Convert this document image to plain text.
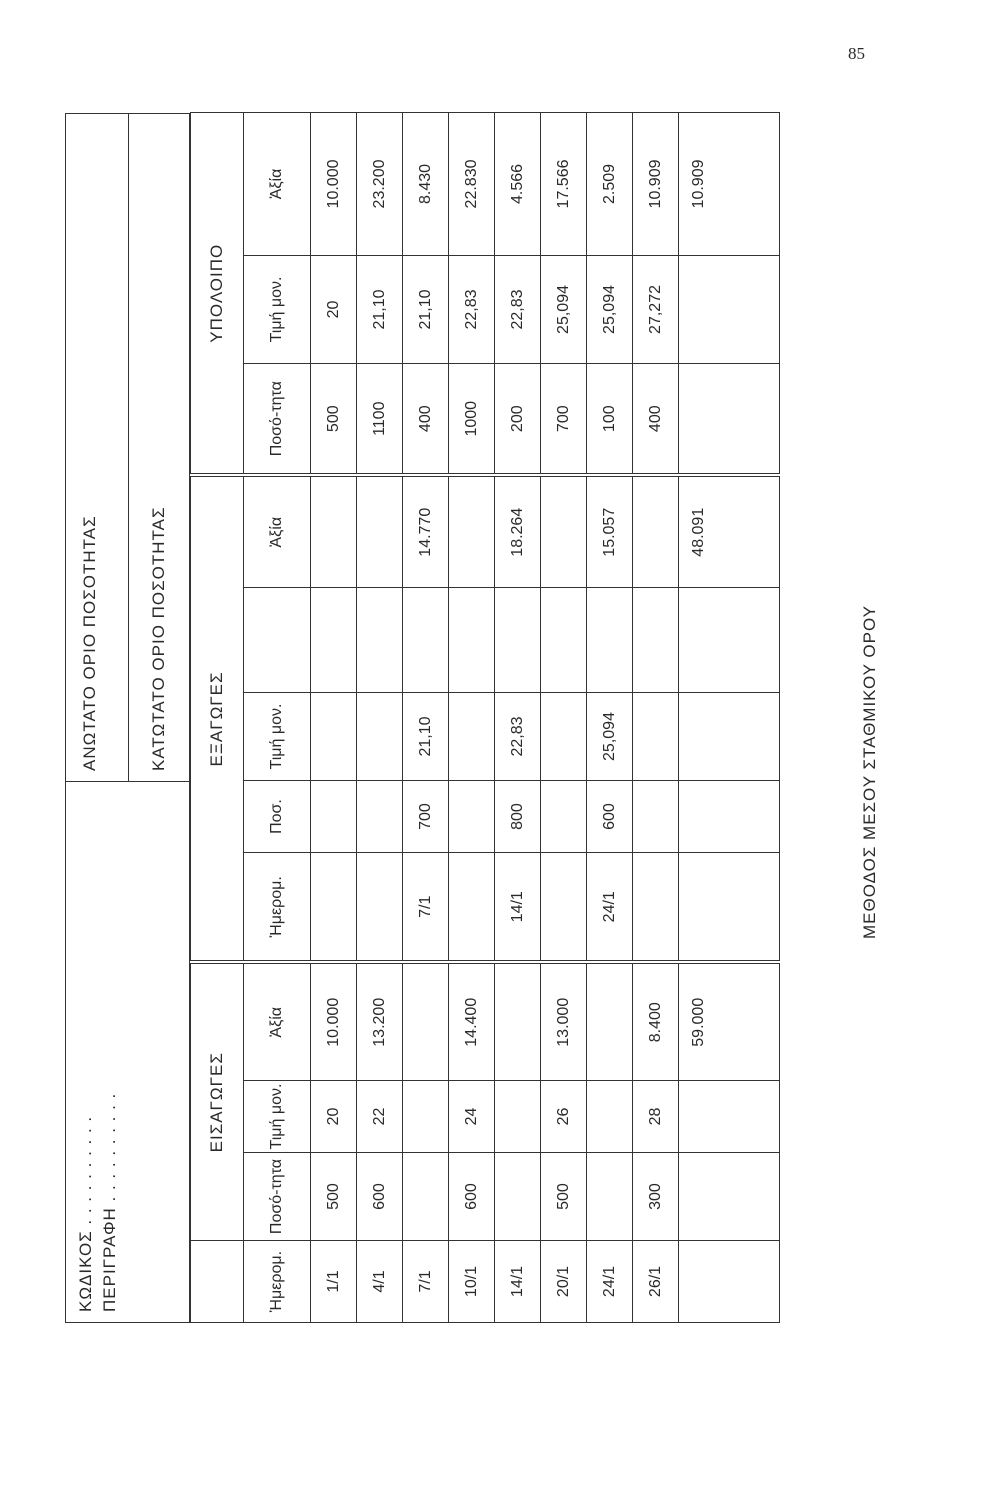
85
ΜΕΘΟΔΟΣ ΜΕΣΟΥ ΣΤΑΘΜΙΚΟΥ ΟΡΟΥ
ΚΩΔΙΚΟΣ . . . . . . . . . . ΠΕΡΙΓΡΑΦΗ . . . . . . . . . .
ΑΝΩΤΑΤΟ ΟΡΙΟ ΠΟΣΟΤΗΤΑΣ	ΚΑΤΩΤΑΤΟ ΟΡΙΟ ΠΟΣΟΤΗΤΑΣ
	ΕΙΣΑΓΩΓΕΣ			ΕΞΑΓΩΓΕΣ					ΥΠΟΛΟΙΠΟ		
Ἡμερομ.	Ποσό-τητα	Τιμή μον.	Ἀξία	Ἡμερομ.	Ποσ.	Τιμή μον.		Ἀξία	Ποσό-τητα	Τιμή μον.	Ἀξία
1/1	500	20	10.000						500	20	10.000
4/1	600	22	13.200						1100	21,10	23.200
7/1				7/1	700	21,10		14.770	400	21,10	8.430
10/1	600	24	14.400						1000	22,83	22.830
14/1				14/1	800	22,83		18.264	200	22,83	4.566
20/1	500	26	13.000						700	25,094	17.566
24/1				24/1	600	25,094		15.057	100	25,094	2.509
26/1	300	28	8.400						400	27,272	10.909
			59.000					48.091			10.909
